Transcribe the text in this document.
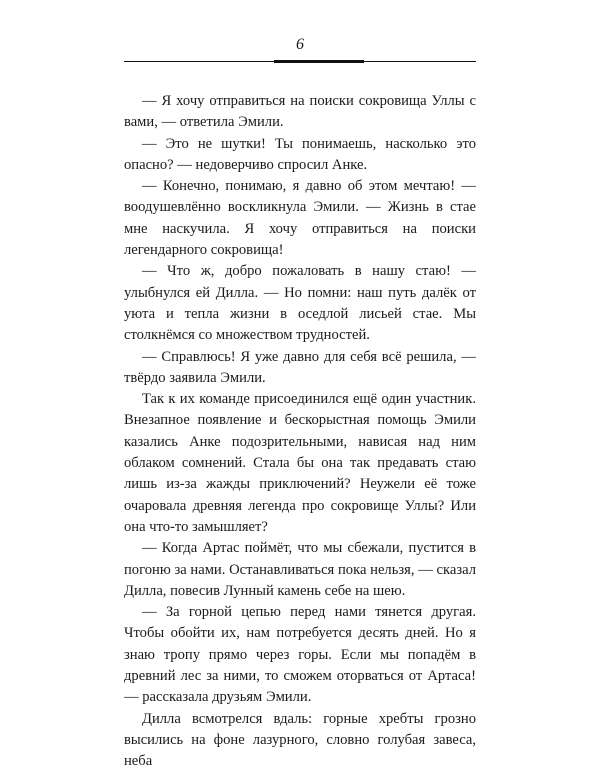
6

— Я хочу отправиться на поиски сокровища Уллы с вами, — ответила Эмили.

— Это не шутки! Ты понимаешь, насколько это опасно? — недоверчиво спросил Анке.

— Конечно, понимаю, я давно об этом мечтаю! — воодушевлённо воскликнула Эмили. — Жизнь в стае мне наскучила. Я хочу отправиться на поиски легендарного сокровища!

— Что ж, добро пожаловать в нашу стаю! — улыбнулся ей Дилла. — Но помни: наш путь далёк от уюта и тепла жизни в оседлой лисьей стае. Мы столкнёмся со множеством трудностей.

— Справлюсь! Я уже давно для себя всё решила, — твёрдо заявила Эмили.

Так к их команде присоединился ещё один участник. Внезапное появление и бескорыстная помощь Эмили казались Анке подозрительными, нависая над ним облаком сомнений. Стала бы она так предавать стаю лишь из-за жажды приключений? Неужели её тоже очаровала древняя легенда про сокровище Уллы? Или она что-то замышляет?

— Когда Артас поймёт, что мы сбежали, пустится в погоню за нами. Останавливаться пока нельзя, — сказал Дилла, повесив Лунный камень себе на шею.

— За горной цепью перед нами тянется другая. Чтобы обойти их, нам потребуется десять дней. Но я знаю тропу прямо через горы. Если мы попадём в древний лес за ними, то сможем оторваться от Артаса! — рассказала друзьям Эмили.

Дилла всмотрелся вдаль: горные хребты грозно высились на фоне лазурного, словно голубая завеса, неба
